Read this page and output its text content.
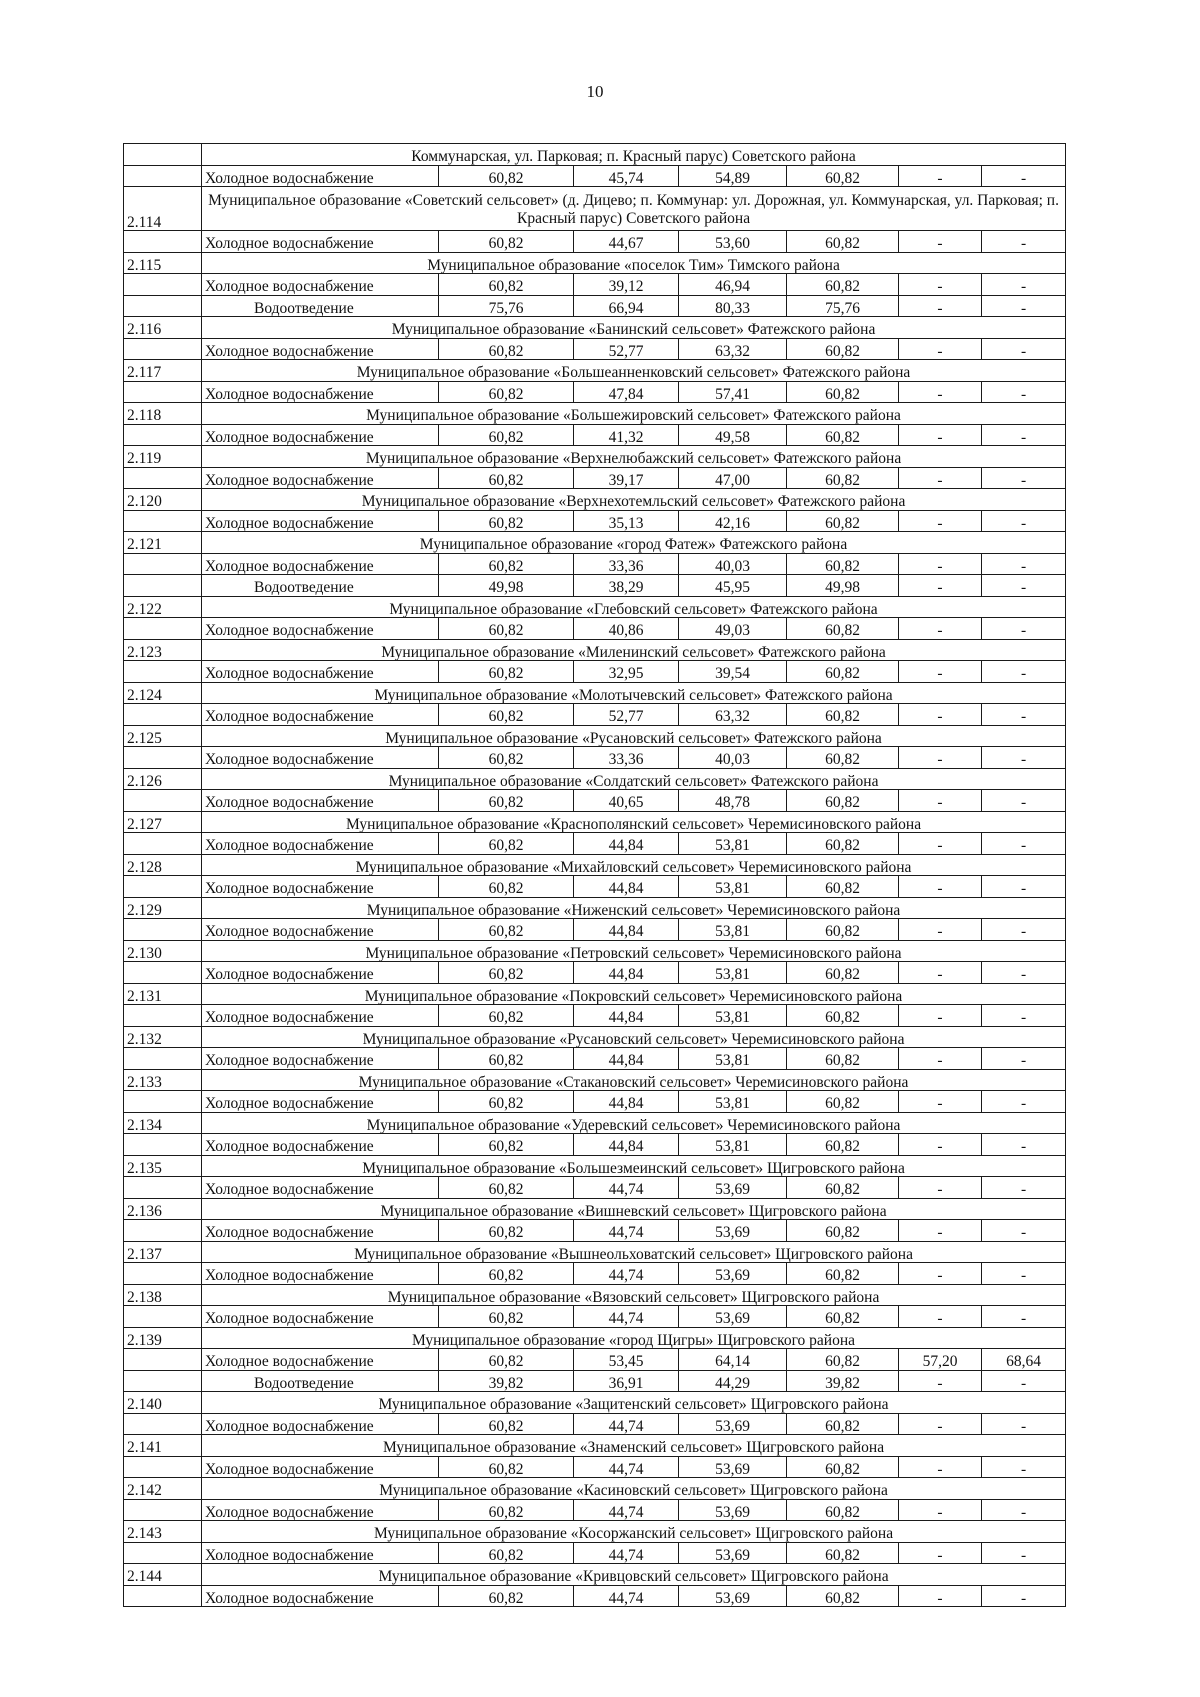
10
	Коммунарская, ул. Парковая; п. Красный парус) Советского района						
	Холодное водоснабжение	60,82	45,74	54,89	60,82	-	-
2.114	Муниципальное образование «Советский сельсовет» (д. Дицево; п. Коммунар: ул. Дорожная, ул. Коммунарская, ул. Парковая; п. Красный парус) Советского района						
	Холодное водоснабжение	60,82	44,67	53,60	60,82	-	-
2.115	Муниципальное образование «поселок Тим» Тимского района						
	Холодное водоснабжение	60,82	39,12	46,94	60,82	-	-
	Водоотведение	75,76	66,94	80,33	75,76	-	-
2.116	Муниципальное образование «Банинский сельсовет» Фатежского района						
	Холодное водоснабжение	60,82	52,77	63,32	60,82	-	-
2.117	Муниципальное образование «Большеанненковский сельсовет» Фатежского района						
	Холодное водоснабжение	60,82	47,84	57,41	60,82	-	-
2.118	Муниципальное образование «Большежировский сельсовет» Фатежского района						
	Холодное водоснабжение	60,82	41,32	49,58	60,82	-	-
2.119	Муниципальное образование «Верхнелюбажский сельсовет» Фатежского района						
	Холодное водоснабжение	60,82	39,17	47,00	60,82	-	-
2.120	Муниципальное образование «Верхнехотемльский сельсовет» Фатежского района						
	Холодное водоснабжение	60,82	35,13	42,16	60,82	-	-
2.121	Муниципальное образование «город Фатеж» Фатежского района						
	Холодное водоснабжение	60,82	33,36	40,03	60,82	-	-
	Водоотведение	49,98	38,29	45,95	49,98	-	-
2.122	Муниципальное образование «Глебовский сельсовет» Фатежского района						
	Холодное водоснабжение	60,82	40,86	49,03	60,82	-	-
2.123	Муниципальное образование «Миленинский сельсовет» Фатежского района						
	Холодное водоснабжение	60,82	32,95	39,54	60,82	-	-
2.124	Муниципальное образование «Молотычевский сельсовет» Фатежского района						
	Холодное водоснабжение	60,82	52,77	63,32	60,82	-	-
2.125	Муниципальное образование «Русановский сельсовет» Фатежского района						
	Холодное водоснабжение	60,82	33,36	40,03	60,82	-	-
2.126	Муниципальное образование «Солдатский сельсовет» Фатежского района						
	Холодное водоснабжение	60,82	40,65	48,78	60,82	-	-
2.127	Муниципальное образование «Краснополянский сельсовет» Черемисиновского района						
	Холодное водоснабжение	60,82	44,84	53,81	60,82	-	-
2.128	Муниципальное образование «Михайловский сельсовет» Черемисиновского района						
	Холодное водоснабжение	60,82	44,84	53,81	60,82	-	-
2.129	Муниципальное образование «Ниженский сельсовет» Черемисиновского района						
	Холодное водоснабжение	60,82	44,84	53,81	60,82	-	-
2.130	Муниципальное образование «Петровский сельсовет» Черемисиновского района						
	Холодное водоснабжение	60,82	44,84	53,81	60,82	-	-
2.131	Муниципальное образование «Покровский сельсовет» Черемисиновского района						
	Холодное водоснабжение	60,82	44,84	53,81	60,82	-	-
2.132	Муниципальное образование «Русановский сельсовет» Черемисиновского района						
	Холодное водоснабжение	60,82	44,84	53,81	60,82	-	-
2.133	Муниципальное образование «Стакановский сельсовет» Черемисиновского района						
	Холодное водоснабжение	60,82	44,84	53,81	60,82	-	-
2.134	Муниципальное образование «Удеревский сельсовет» Черемисиновского района						
	Холодное водоснабжение	60,82	44,84	53,81	60,82	-	-
2.135	Муниципальное образование «Большезмеинский сельсовет» Щигровского района						
	Холодное водоснабжение	60,82	44,74	53,69	60,82	-	-
2.136	Муниципальное образование «Вишневский сельсовет» Щигровского района						
	Холодное водоснабжение	60,82	44,74	53,69	60,82	-	-
2.137	Муниципальное образование «Вышнеольховатский сельсовет» Щигровского района						
	Холодное водоснабжение	60,82	44,74	53,69	60,82	-	-
2.138	Муниципальное образование «Вязовский сельсовет» Щигровского района						
	Холодное водоснабжение	60,82	44,74	53,69	60,82	-	-
2.139	Муниципальное образование «город Щигры» Щигровского района						
	Холодное водоснабжение	60,82	53,45	64,14	60,82	57,20	68,64
	Водоотведение	39,82	36,91	44,29	39,82	-	-
2.140	Муниципальное образование «Защитенский сельсовет» Щигровского района						
	Холодное водоснабжение	60,82	44,74	53,69	60,82	-	-
2.141	Муниципальное образование «Знаменский сельсовет» Щигровского района						
	Холодное водоснабжение	60,82	44,74	53,69	60,82	-	-
2.142	Муниципальное образование «Касиновский сельсовет» Щигровского района						
	Холодное водоснабжение	60,82	44,74	53,69	60,82	-	-
2.143	Муниципальное образование «Косоржанский сельсовет» Щигровского района						
	Холодное водоснабжение	60,82	44,74	53,69	60,82	-	-
2.144	Муниципальное образование «Кривцовский сельсовет» Щигровского района						
	Холодное водоснабжение	60,82	44,74	53,69	60,82	-	-
